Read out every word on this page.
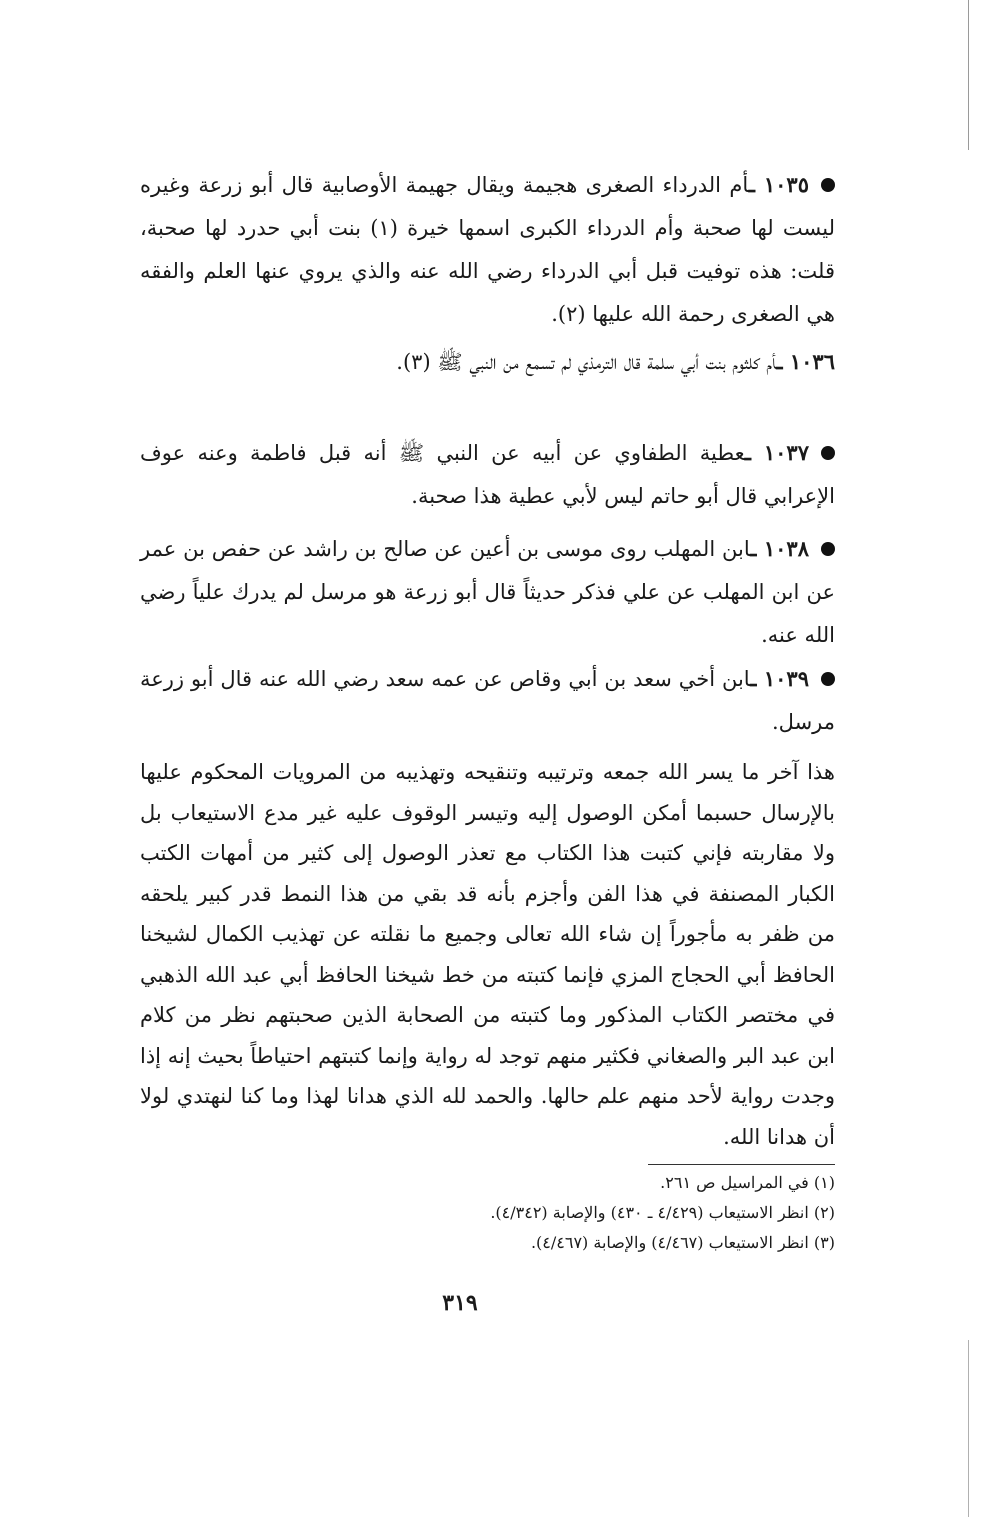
١٠٣٥ ـأم الدرداء الصغرى هجيمة ويقال جهيمة الأوصابية قال أبو زرعة وغيره ليست لها صحبة وأم الدرداء الكبرى اسمها خيرة (١) بنت أبي حدرد لها صحبة، قلت: هذه توفيت قبل أبي الدرداء رضي الله عنه والذي يروي عنها العلم والفقه هي الصغرى رحمة الله عليها (٢).

١٠٣٦ ـأم كلثوم بنت أبي سلمة قال الترمذي لم تسمع من النبي ﷺ (٣).

١٠٣٧ ـعطية الطفاوي عن أبيه عن النبي ﷺ أنه قبل فاطمة وعنه عوف الإعرابي قال أبو حاتم ليس لأبي عطية هذا صحبة.

١٠٣٨ ـابن المهلب روى موسى بن أعين عن صالح بن راشد عن حفص بن عمر عن ابن المهلب عن علي فذكر حديثاً قال أبو زرعة هو مرسل لم يدرك علياً رضي الله عنه.

١٠٣٩ ـابن أخي سعد بن أبي وقاص عن عمه سعد رضي الله عنه قال أبو زرعة مرسل.

هذا آخر ما يسر الله جمعه وترتيبه وتنقيحه وتهذيبه من المرويات المحكوم عليها بالإرسال حسبما أمكن الوصول إليه وتيسر الوقوف عليه غير مدع الاستيعاب بل ولا مقاربته فإني كتبت هذا الكتاب مع تعذر الوصول إلى كثير من أمهات الكتب الكبار المصنفة في هذا الفن وأجزم بأنه قد بقي من هذا النمط قدر كبير يلحقه من ظفر به مأجوراً إن شاء الله تعالى وجميع ما نقلته عن تهذيب الكمال لشيخنا الحافظ أبي الحجاج المزي فإنما كتبته من خط شيخنا الحافظ أبي عبد الله الذهبي في مختصر الكتاب المذكور وما كتبته من الصحابة الذين صحبتهم نظر من كلام ابن عبد البر والصغاني فكثير منهم توجد له رواية وإنما كتبتهم احتياطاً بحيث إنه إذا وجدت رواية لأحد منهم علم حالها. والحمد لله الذي هدانا لهذا وما كنا لنهتدي لولا أن هدانا الله.

(١) في المراسيل ص ٢٦١.
(٢) انظر الاستيعاب (٤/٤٢٩ ـ ٤٣٠) والإصابة (٤/٣٤٢).
(٣) انظر الاستيعاب (٤/٤٦٧) والإصابة (٤/٤٦٧).
٣١٩
